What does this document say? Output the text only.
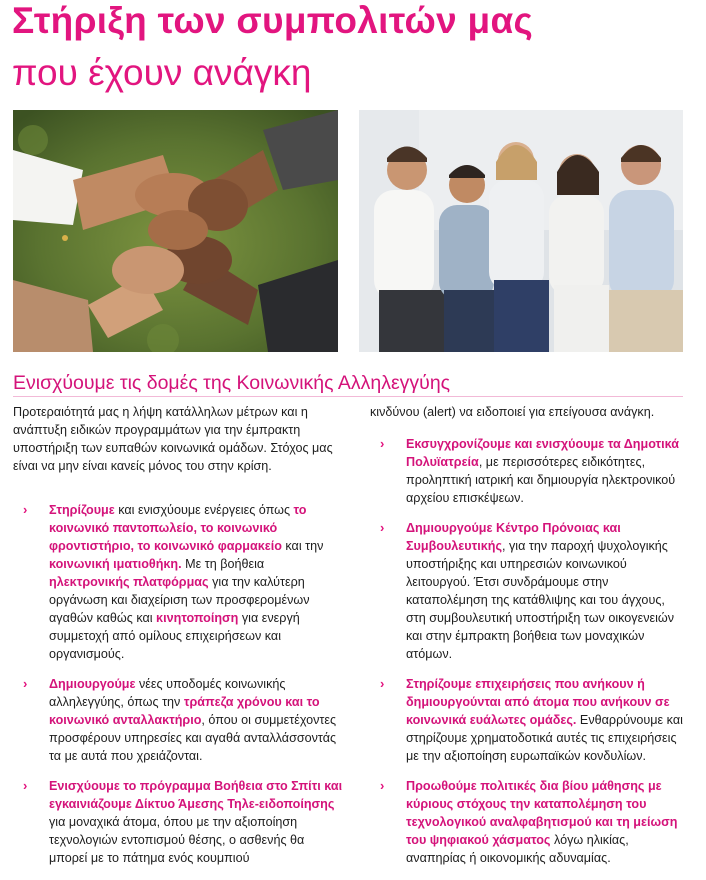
Στήριξη των συμπολιτών μας
που έχουν ανάγκη
Ενισχύουμε τις δομές της Κοινωνικής Αλληλεγγύης

Προτεραιότητά μας η λήψη κατάλληλων μέτρων και η ανάπτυξη ειδικών προγραμμάτων για την έμπρακτη υποστήριξη των ευπαθών κοινωνικά ομάδων. Στόχος μας είναι να μην είναι κανείς μόνος του στην κρίση.

› Στηρίζουμε και ενισχύουμε ενέργειες όπως το κοινωνικό παντοπωλείο, το κοινωνικό φροντιστήριο, το κοινωνικό φαρμακείο και την κοινωνική ιματιοθήκη. Με τη βοήθεια ηλεκτρονικής πλατφόρμας για την καλύτερη οργάνωση και διαχείριση των προσφερομένων αγαθών καθώς και κινητοποίηση για ενεργή συμμετοχή από ομίλους επιχειρήσεων και οργανισμούς.
› Δημιουργούμε νέες υποδομές κοινωνικής αλληλεγγύης, όπως την τράπεζα χρόνου και το κοινωνικό ανταλλακτήριο, όπου οι συμμετέχοντες προσφέρουν υπηρεσίες και αγαθά ανταλλάσσοντάς τα με αυτά που χρειάζονται.
› Ενισχύουμε το πρόγραμμα Βοήθεια στο Σπίτι και εγκαινιάζουμε Δίκτυο Άμεσης Τηλε-ειδοποίησης για μοναχικά άτομα, όπου με την αξιοποίηση τεχνολογιών εντοπισμού θέσης, ο ασθενής θα μπορεί με το πάτημα ενός κουμπιού

κινδύνου (alert) να ειδοποιεί για επείγουσα ανάγκη.

› Εκσυγχρονίζουμε και ενισχύουμε τα Δημοτικά Πολυϊατρεία, με περισσότερες ειδικότητες, προληπτική ιατρική και δημιουργία ηλεκτρονικού αρχείου επισκέψεων.
› Δημιουργούμε Κέντρο Πρόνοιας και Συμβουλευτικής, για την παροχή ψυχολογικής υποστήριξης και υπηρεσιών κοινωνικού λειτουργού. Έτσι συνδράμουμε στην καταπολέμηση της κατάθλιψης και του άγχους, στη συμβουλευτική υποστήριξη των οικογενειών και στην έμπρακτη βοήθεια των μοναχικών ατόμων.
› Στηρίζουμε επιχειρήσεις που ανήκουν ή δημιουργούνται από άτομα που ανήκουν σε κοινωνικά ευάλωτες ομάδες. Ενθαρρύνουμε και στηρίζουμε χρηματοδοτικά αυτές τις επιχειρήσεις με την αξιοποίηση ευρωπαϊκών κονδυλίων.
› Προωθούμε πολιτικές δια βίου μάθησης με κύριους στόχους την καταπολέμηση του τεχνολογικού αναλφαβητισμού και τη μείωση του ψηφιακού χάσματος λόγω ηλικίας, αναπηρίας ή οικονομικής αδυναμίας.
